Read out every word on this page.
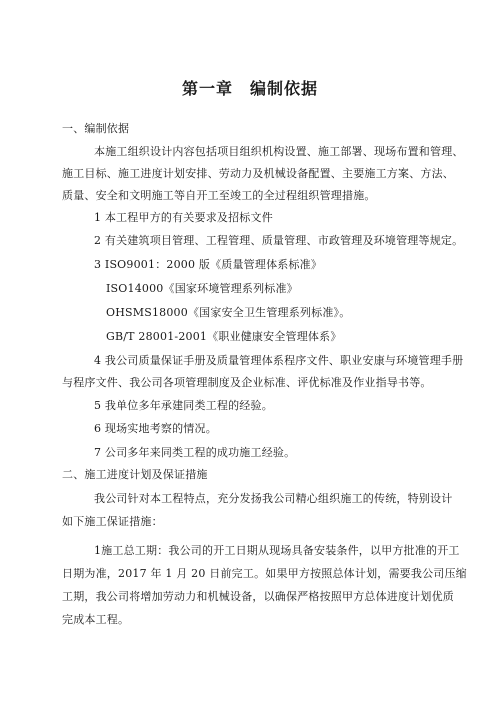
第一章　编制依据
一、编制依据
本施工组织设计内容包括项目组织机构设置、施工部署、现场布置和管理、
施工目标、施工进度计划安排、劳动力及机械设备配置、主要施工方案、方法、
质量、安全和文明施工等自开工至竣工的全过程组织管理措施。
1 本工程甲方的有关要求及招标文件
2 有关建筑项目管理、工程管理、质量管理、市政管理及环境管理等规定。
3 ISO9001：2000 版《质量管理体系标准》
ISO14000《国家环境管理系列标准》
OHSMS18000《国家安全卫生管理系列标准》。
GB/T 28001-2001《职业健康安全管理体系》
4 我公司质量保证手册及质量管理体系程序文件、职业安康与环境管理手册
与程序文件、我公司各项管理制度及企业标准、评优标准及作业指导书等。
5 我单位多年承建同类工程的经验。
6 现场实地考察的情况。
7 公司多年来同类工程的成功施工经验。
二、施工进度计划及保证措施
我公司针对本工程特点，充分发扬我公司精心组织施工的传统，特别设计
如下施工保证措施：
1施工总工期：我公司的开工日期从现场具备安装条件，以甲方批准的开工
日期为准，2017 年 1 月 20 日前完工。如果甲方按照总体计划，需要我公司压缩
工期，我公司将增加劳动力和机械设备，以确保严格按照甲方总体进度计划优质
完成本工程。
